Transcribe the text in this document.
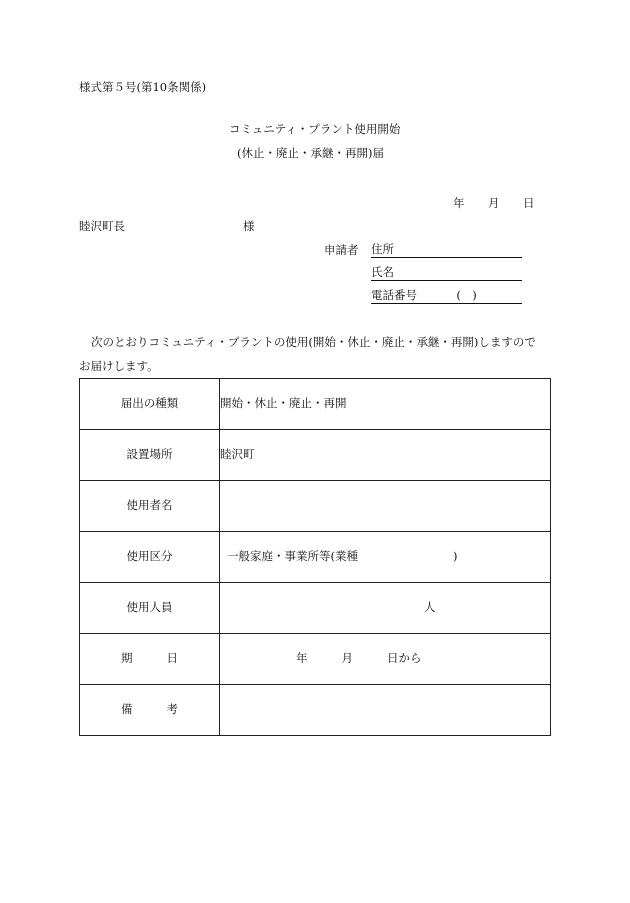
様式第５号(第10条関係)
コミュニティ・プラント使用開始
(休止・廃止・承継・再開)届
年 月 日
睦沢町長	様
申請者 住所
氏名
電話番号	(　)
次のとおりコミュニティ・プラントの使用(開始・休止・廃止・承継・再開)しますので
お届けします。
届出の種類	開始・休止・廃止・再開
設置場所	睦沢町
使用者名	
使用区分	一般家庭・事業所等(業種 )
使用人員	人
期 日	年 月 日から
備 考	
